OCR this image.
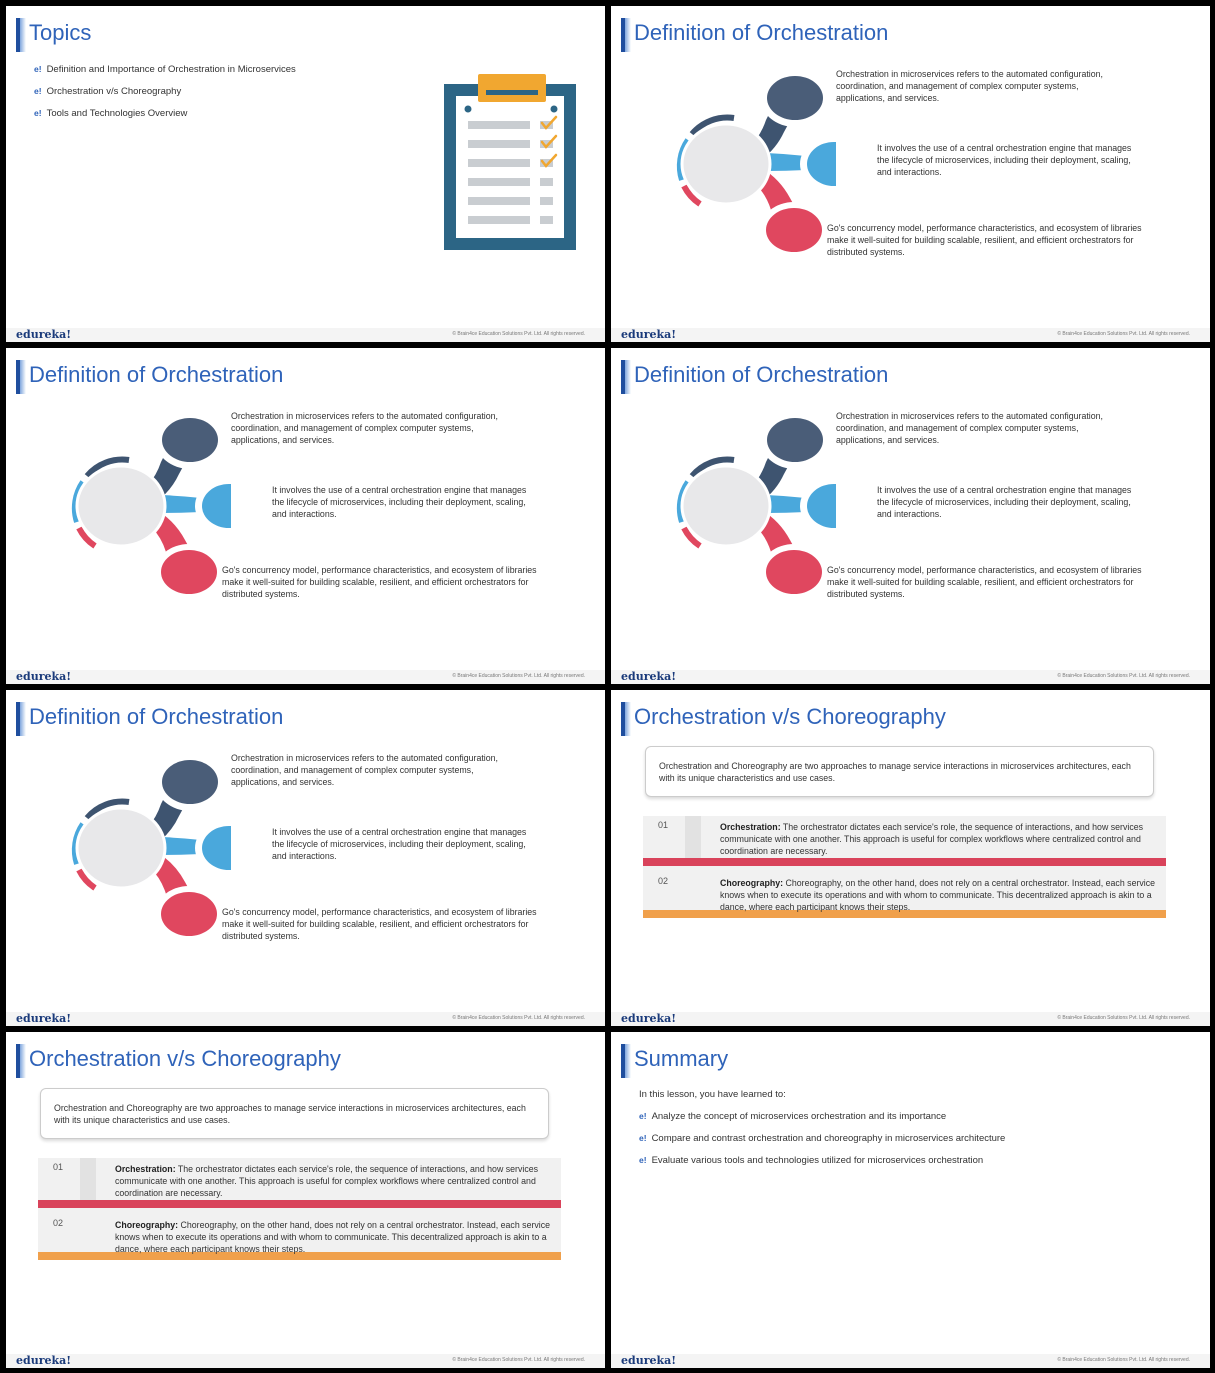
Topics
e! Definition and Importance of Orchestration in Microservices
e! Orchestration v/s Choreography
e! Tools and Technologies Overview
edureka!	© Brain4ce Education Solutions Pvt. Ltd. All rights reserved.
Definition of Orchestration
Orchestration in microservices refers to the automated configuration, coordination, and management of complex computer systems, applications, and services.
It involves the use of a central orchestration engine that manages the lifecycle of microservices, including their deployment, scaling, and interactions.
Go's concurrency model, performance characteristics, and ecosystem of libraries make it well-suited for building scalable, resilient, and efficient orchestrators for distributed systems.
edureka!	© Brain4ce Education Solutions Pvt. Ltd. All rights reserved.
Definition of Orchestration
Orchestration in microservices refers to the automated configuration, coordination, and management of complex computer systems, applications, and services.
It involves the use of a central orchestration engine that manages the lifecycle of microservices, including their deployment, scaling, and interactions.
Go's concurrency model, performance characteristics, and ecosystem of libraries make it well-suited for building scalable, resilient, and efficient orchestrators for distributed systems.
edureka!	© Brain4ce Education Solutions Pvt. Ltd. All rights reserved.
Definition of Orchestration
Orchestration in microservices refers to the automated configuration, coordination, and management of complex computer systems, applications, and services.
It involves the use of a central orchestration engine that manages the lifecycle of microservices, including their deployment, scaling, and interactions.
Go's concurrency model, performance characteristics, and ecosystem of libraries make it well-suited for building scalable, resilient, and efficient orchestrators for distributed systems.
edureka!	© Brain4ce Education Solutions Pvt. Ltd. All rights reserved.
Definition of Orchestration
Orchestration in microservices refers to the automated configuration, coordination, and management of complex computer systems, applications, and services.
It involves the use of a central orchestration engine that manages the lifecycle of microservices, including their deployment, scaling, and interactions.
Go's concurrency model, performance characteristics, and ecosystem of libraries make it well-suited for building scalable, resilient, and efficient orchestrators for distributed systems.
edureka!	© Brain4ce Education Solutions Pvt. Ltd. All rights reserved.
Orchestration v/s Choreography
Orchestration and Choreography are two approaches to manage service interactions in microservices architectures, each with its unique characteristics and use cases.
01	Orchestration: The orchestrator dictates each service's role, the sequence of interactions, and how services communicate with one another. This approach is useful for complex workflows where centralized control and coordination are necessary.
02	Choreography: Choreography, on the other hand, does not rely on a central orchestrator. Instead, each service knows when to execute its operations and with whom to communicate. This decentralized approach is akin to a dance, where each participant knows their steps.
edureka!	© Brain4ce Education Solutions Pvt. Ltd. All rights reserved.
Orchestration v/s Choreography
Orchestration and Choreography are two approaches to manage service interactions in microservices architectures, each with its unique characteristics and use cases.
01	Orchestration: The orchestrator dictates each service's role, the sequence of interactions, and how services communicate with one another. This approach is useful for complex workflows where centralized control and coordination are necessary.
02	Choreography: Choreography, on the other hand, does not rely on a central orchestrator. Instead, each service knows when to execute its operations and with whom to communicate. This decentralized approach is akin to a dance, where each participant knows their steps.
edureka!	© Brain4ce Education Solutions Pvt. Ltd. All rights reserved.
Summary
In this lesson, you have learned to:
e! Analyze the concept of microservices orchestration and its importance
e! Compare and contrast orchestration and choreography in microservices architecture
e! Evaluate various tools and technologies utilized for microservices orchestration
edureka!	© Brain4ce Education Solutions Pvt. Ltd. All rights reserved.
